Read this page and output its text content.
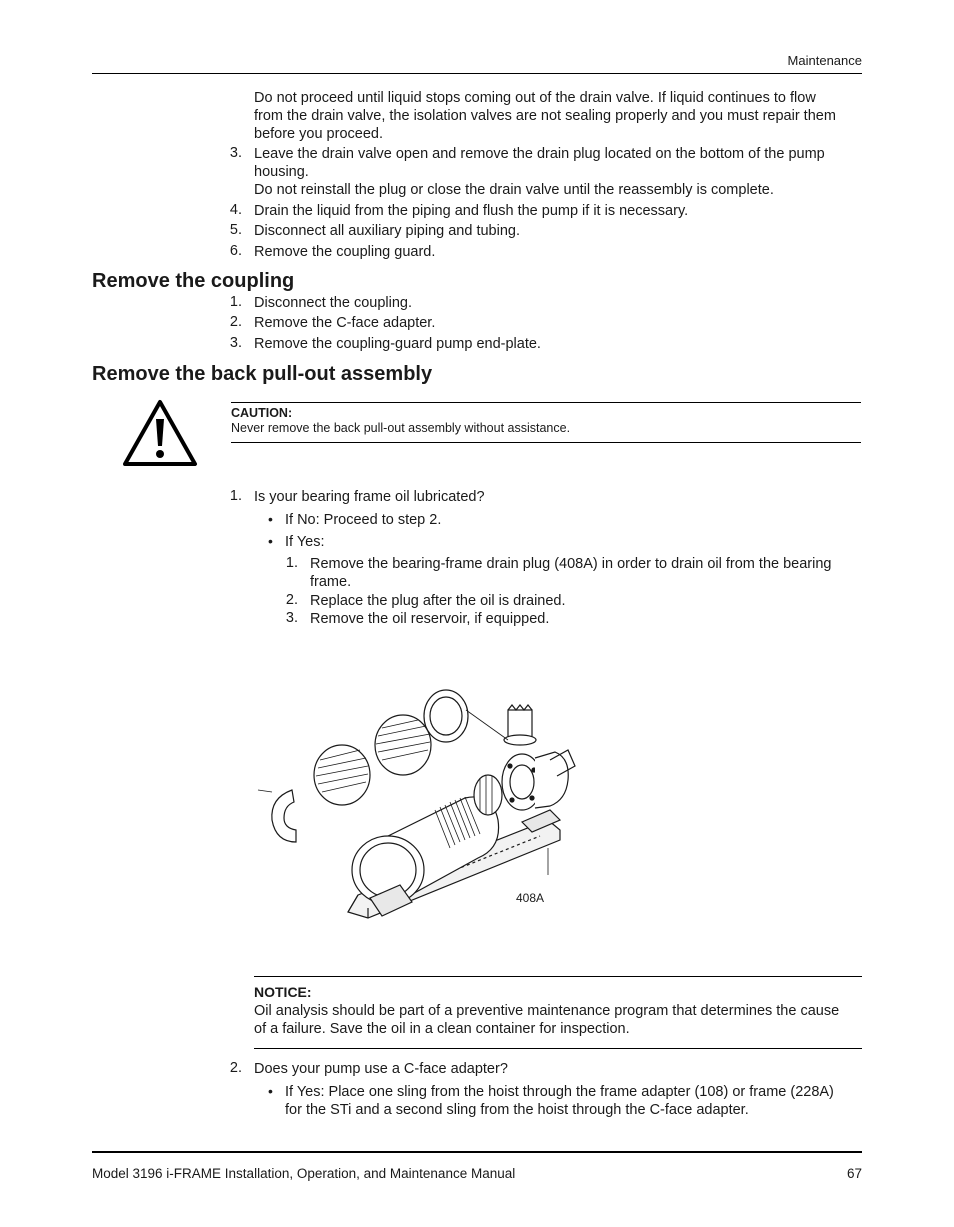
Maintenance
Do not proceed until liquid stops coming out of the drain valve. If liquid continues to flow
from the drain valve, the isolation valves are not sealing properly and you must repair them
before you proceed.
3. Leave the drain valve open and remove the drain plug located on the bottom of the pump
housing.
Do not reinstall the plug or close the drain valve until the reassembly is complete.
4. Drain the liquid from the piping and flush the pump if it is necessary.
5. Disconnect all auxiliary piping and tubing.
6. Remove the coupling guard.
Remove the coupling
1. Disconnect the coupling.
2. Remove the C-face adapter.
3. Remove the coupling-guard pump end-plate.
Remove the back pull-out assembly
CAUTION:
Never remove the back pull-out assembly without assistance.
1. Is your bearing frame oil lubricated?
• If No: Proceed to step 2.
• If Yes:
1. Remove the bearing-frame drain plug (408A) in order to drain oil from the bearing
frame.
2. Replace the plug after the oil is drained.
3. Remove the oil reservoir, if equipped.
408A
NOTICE:
Oil analysis should be part of a preventive maintenance program that determines the cause
of a failure. Save the oil in a clean container for inspection.
2. Does your pump use a C-face adapter?
• If Yes: Place one sling from the hoist through the frame adapter (108) or frame (228A)
for the STi and a second sling from the hoist through the C-face adapter.
Model 3196 i-FRAME Installation, Operation, and Maintenance Manual	67
